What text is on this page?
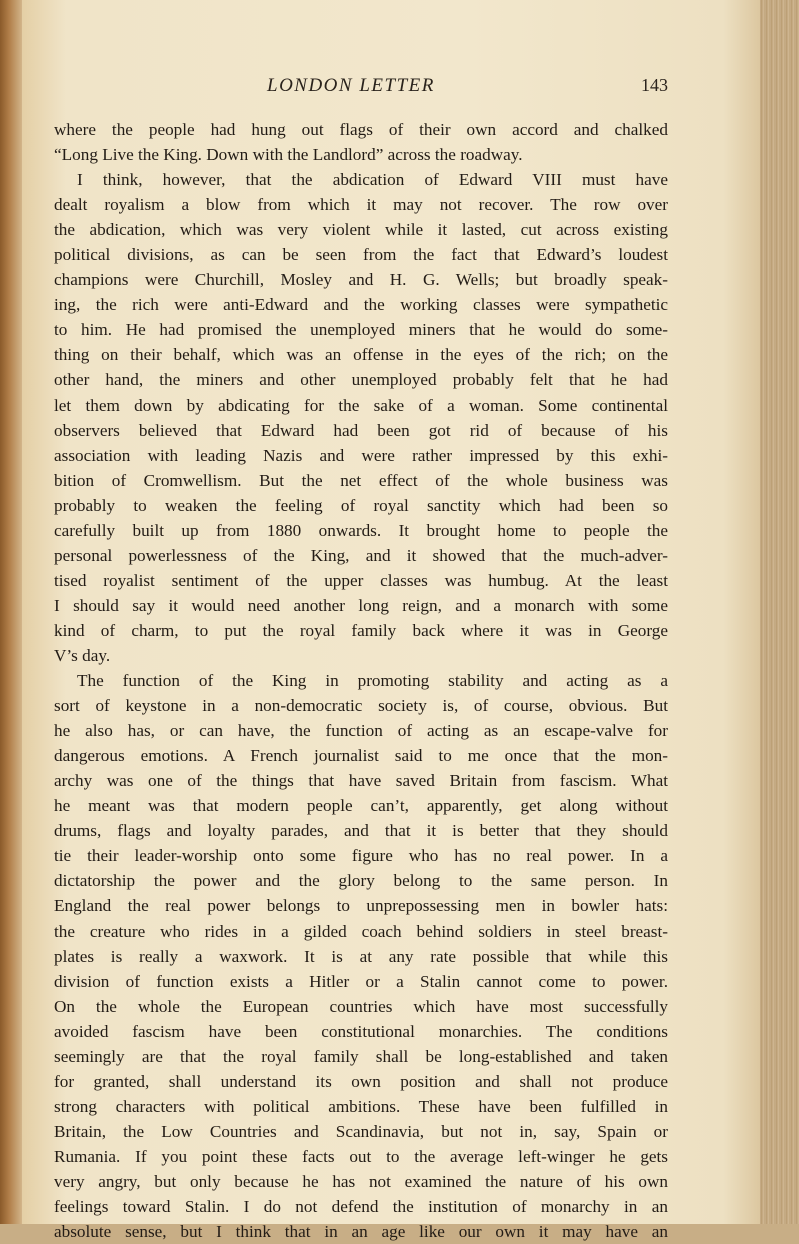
LONDON LETTER	143
where the people had hung out flags of their own accord and chalked
“Long Live the King. Down with the Landlord” across the roadway.
I think, however, that the abdication of Edward VIII must have
dealt royalism a blow from which it may not recover. The row over
the abdication, which was very violent while it lasted, cut across existing
political divisions, as can be seen from the fact that Edward’s loudest
champions were Churchill, Mosley and H. G. Wells; but broadly speak-
ing, the rich were anti-Edward and the working classes were sympathetic
to him. He had promised the unemployed miners that he would do some-
thing on their behalf, which was an offense in the eyes of the rich; on the
other hand, the miners and other unemployed probably felt that he had
let them down by abdicating for the sake of a woman. Some continental
observers believed that Edward had been got rid of because of his
association with leading Nazis and were rather impressed by this exhi-
bition of Cromwellism. But the net effect of the whole business was
probably to weaken the feeling of royal sanctity which had been so
carefully built up from 1880 onwards. It brought home to people the
personal powerlessness of the King, and it showed that the much-adver-
tised royalist sentiment of the upper classes was humbug. At the least
I should say it would need another long reign, and a monarch with some
kind of charm, to put the royal family back where it was in George
V’s day.
The function of the King in promoting stability and acting as a
sort of keystone in a non-democratic society is, of course, obvious. But
he also has, or can have, the function of acting as an escape-valve for
dangerous emotions. A French journalist said to me once that the mon-
archy was one of the things that have saved Britain from fascism. What
he meant was that modern people can’t, apparently, get along without
drums, flags and loyalty parades, and that it is better that they should
tie their leader-worship onto some figure who has no real power. In a
dictatorship the power and the glory belong to the same person. In
England the real power belongs to unprepossessing men in bowler hats:
the creature who rides in a gilded coach behind soldiers in steel breast-
plates is really a waxwork. It is at any rate possible that while this
division of function exists a Hitler or a Stalin cannot come to power.
On the whole the European countries which have most successfully
avoided fascism have been constitutional monarchies. The conditions
seemingly are that the royal family shall be long-established and taken
for granted, shall understand its own position and shall not produce
strong characters with political ambitions. These have been fulfilled in
Britain, the Low Countries and Scandinavia, but not in, say, Spain or
Rumania. If you point these facts out to the average left-winger he gets
very angry, but only because he has not examined the nature of his own
feelings toward Stalin. I do not defend the institution of monarchy in an
absolute sense, but I think that in an age like our own it may have an
